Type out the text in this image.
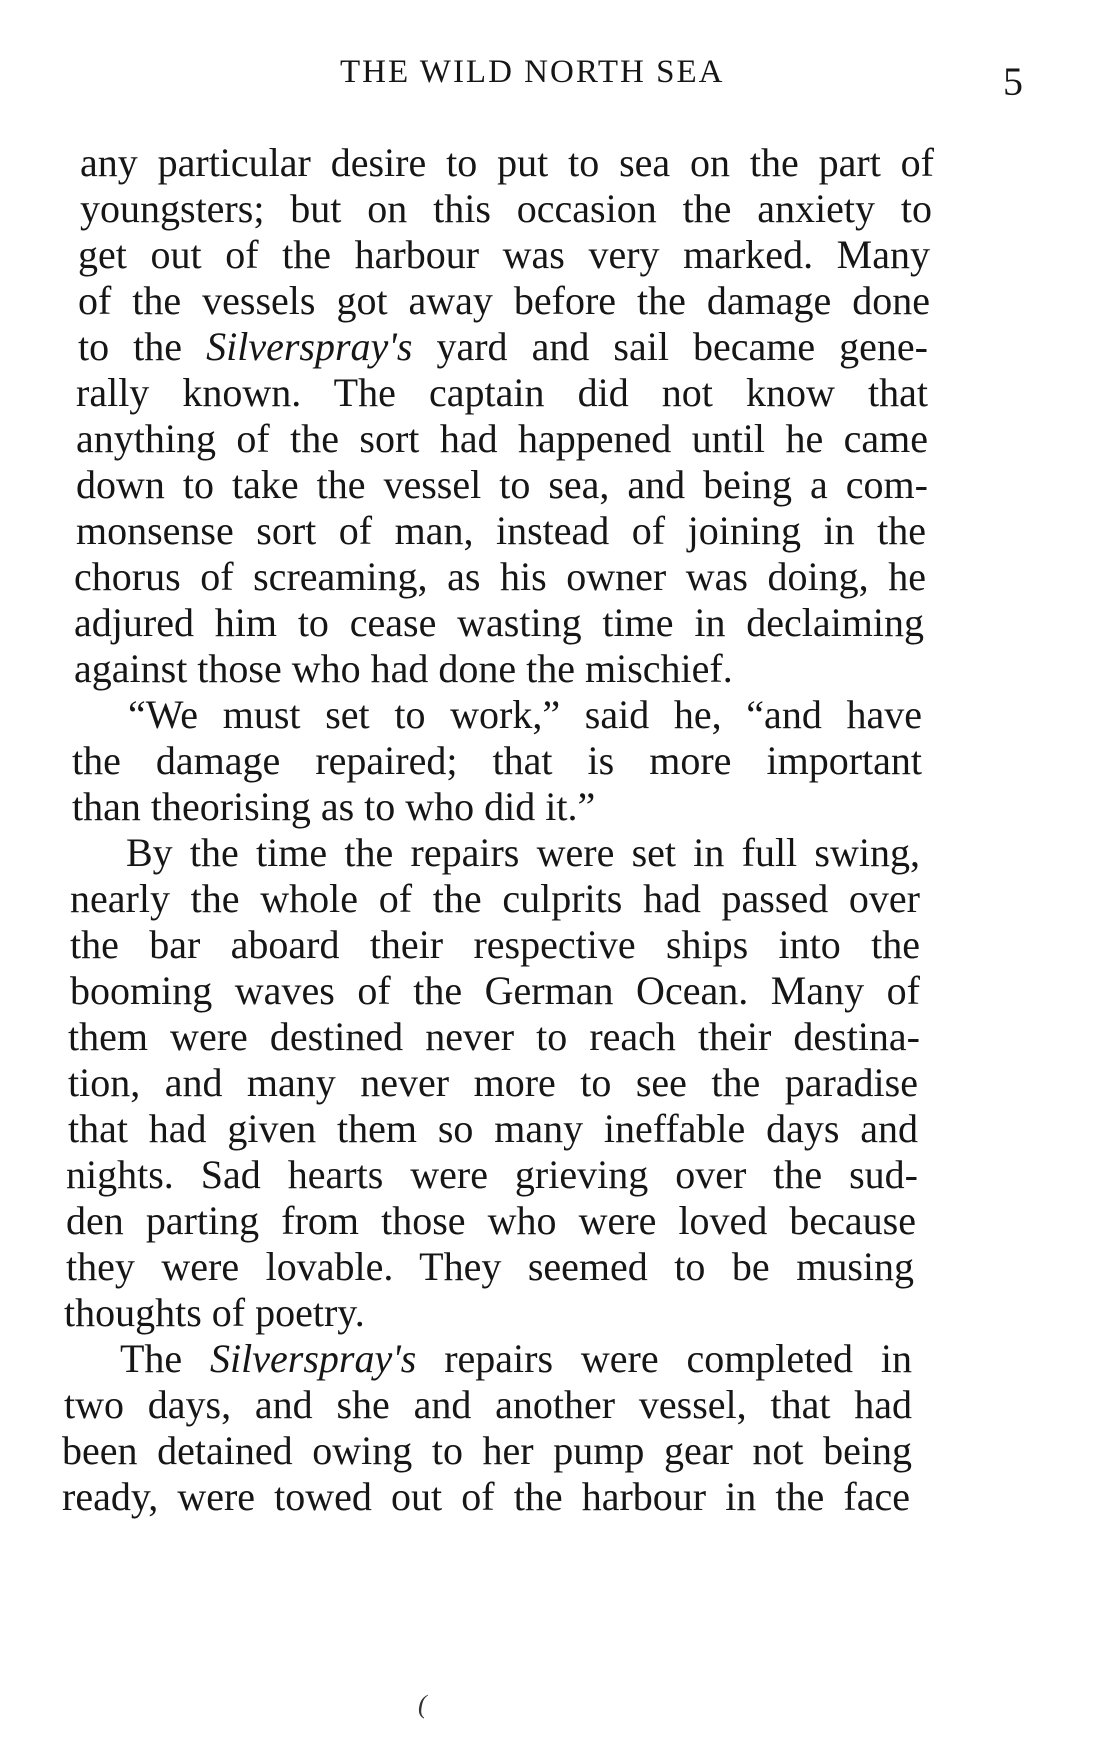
THE WILD NORTH SEA	5
any particular desire to put to sea on the part of
youngsters; but on this occasion the anxiety to
get out of the harbour was very marked. Many
of the vessels got away before the damage done
to the Silverspray's yard and sail became gene-
rally known. The captain did not know that
anything of the sort had happened until he came
down to take the vessel to sea, and being a com-
monsense sort of man, instead of joining in the
chorus of screaming, as his owner was doing, he
adjured him to cease wasting time in declaiming
against those who had done the mischief.
“We must set to work,” said he, “and have
the damage repaired; that is more important
than theorising as to who did it.”
By the time the repairs were set in full swing,
nearly the whole of the culprits had passed over
the bar aboard their respective ships into the
booming waves of the German Ocean. Many of
them were destined never to reach their destina-
tion, and many never more to see the paradise
that had given them so many ineffable days and
nights. Sad hearts were grieving over the sud-
den parting from those who were loved because
they were lovable. They seemed to be musing
thoughts of poetry.
The Silverspray's repairs were completed in
two days, and she and another vessel, that had
been detained owing to her pump gear not being
ready, were towed out of the harbour in the face
(
